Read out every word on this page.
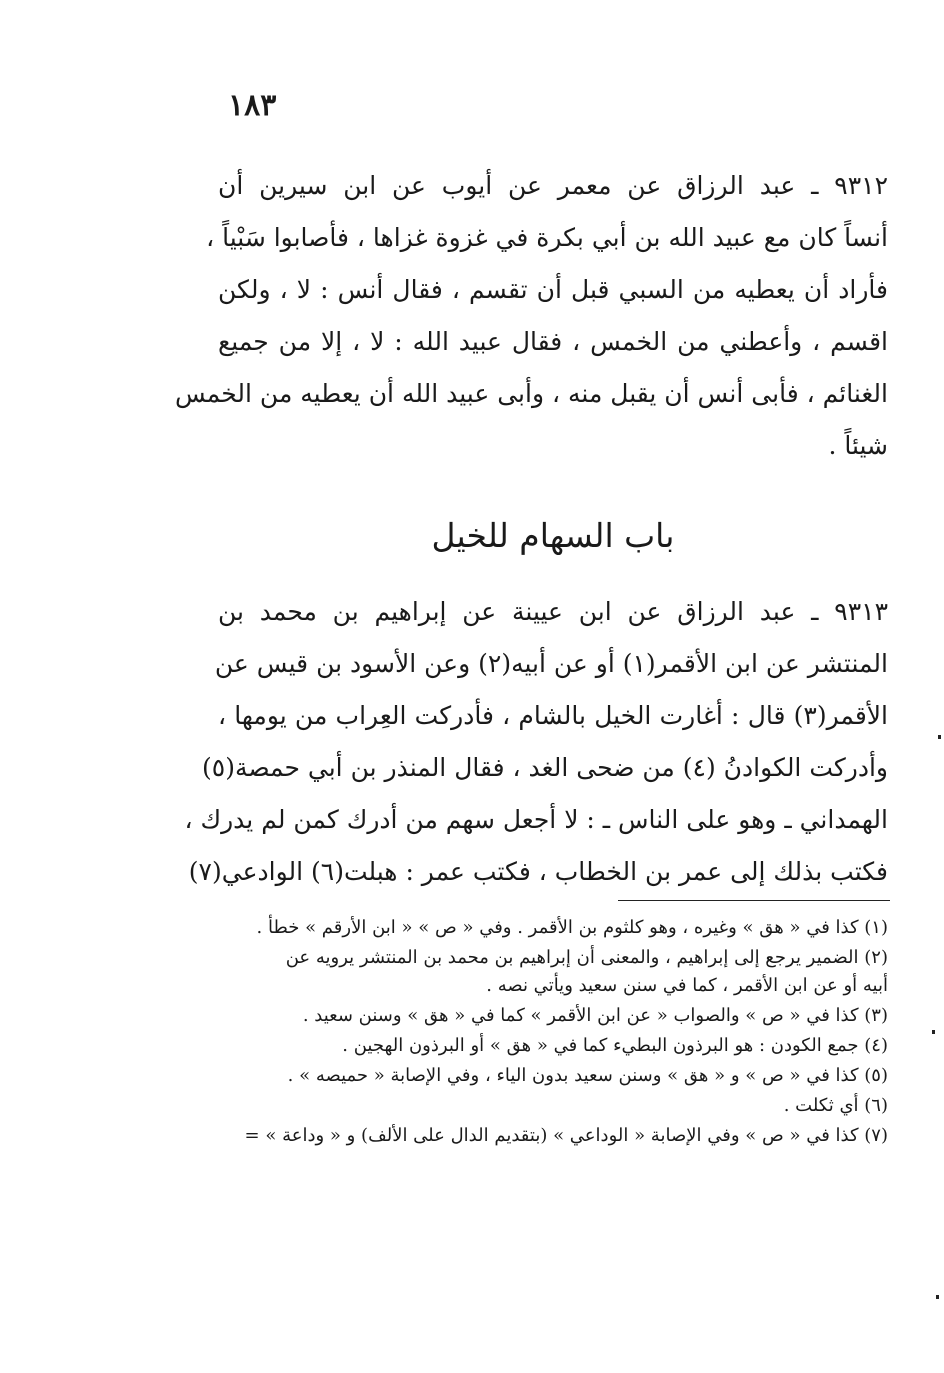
١٨٣
٩٣١٢ ـ عبد الرزاق عن معمر عن أيوب عن ابن سيرين أن
أنساً كان مع عبيد الله بن أبي بكرة في غزوة غزاها ، فأصابوا سَبْياً ،
فأراد أن يعطيه من السبي قبل أن تقسم ، فقال أنس : لا ، ولكن
اقسم ، وأعطني من الخمس ، فقال عبيد الله : لا ، إلا من جميع
الغنائم ، فأبى أنس أن يقبل منه ، وأبى عبيد الله أن يعطيه من الخمس
شيئاً .
باب السهام للخيل
٩٣١٣ ـ عبد الرزاق عن ابن عيينة عن إبراهيم بن محمد بن
المنتشر عن ابن الأقمر(١) أو عن أبيه(٢) وعن الأسود بن قيس عن
الأقمر(٣) قال : أغارت الخيل بالشام ، فأدركت العِراب من يومها ،
وأدركت الكوادنُ (٤) من ضحى الغد ، فقال المنذر بن أبي حمصة(٥)
الهمداني ـ وهو على الناس ـ : لا أجعل سهم من أدرك كمن لم يدرك ،
فكتب بذلك إلى عمر بن الخطاب ، فكتب عمر : هبلت(٦) الوادعي(٧)
(١) كذا في « هق » وغيره ، وهو كلثوم بن الأقمر . وفي « ص » « ابن الأرقم » خطأ .
(٢) الضمير يرجع إلى إبراهيم ، والمعنى أن إبراهيم بن محمد بن المنتشر يرويه عن
أبيه أو عن ابن الأقمر ، كما في سنن سعيد ويأتي نصه .
(٣) كذا في « ص » والصواب « عن ابن الأقمر » كما في « هق » وسنن سعيد .
(٤) جمع الكودن : هو البرذون البطيء كما في « هق » أو البرذون الهجين .
(٥) كذا في « ص » و « هق » وسنن سعيد بدون الياء ، وفي الإصابة « حميصه » .
(٦) أي ثكلت .
(٧) كذا في « ص » وفي الإصابة « الوداعي » (بتقديم الدال على الألف) و « وداعة » =
